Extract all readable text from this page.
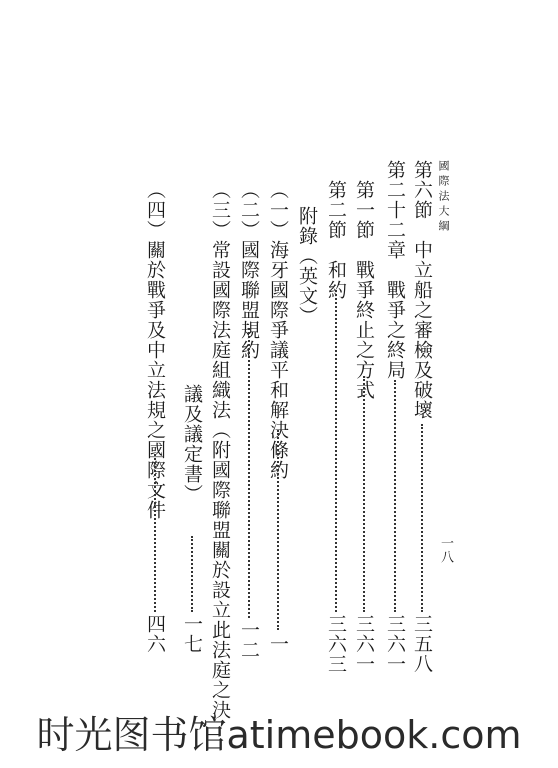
國際法大綱
一八
第六節　中立船之審檢及破壞
三五八
第二十二章　戰爭之終局
三六一
第一節　戰爭終止之方式
三六一
第二節　和約
三六三
附錄（英文）
（一）海牙國際爭議平和解決條約
一
（二）國際聯盟規約
一二
（三）常設國際法庭組織法（附國際聯盟關於設立此法庭之決
議及議定書）
一七
（四）關於戰爭及中立法規之國際文件
四六
时光图书馆atimebook.com
